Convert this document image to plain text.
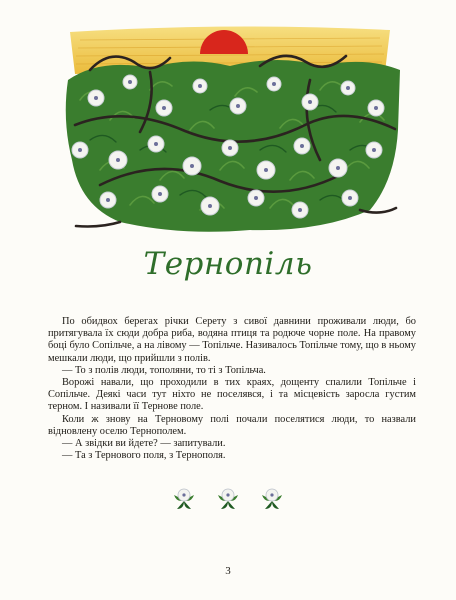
Тернопіль

По обидвох берегах річки Серету з сивої давнини проживали люди, бо притягувала їх сюди добра риба, водяна птиця та родюче чорне поле. На правому боці було Сопільче, а на лівому — Топільче. Називалось Топільче тому, що в ньому мешкали люди, що прийшли з полів.

— То з полів люди, тополяни, то ті з Топільча.

Ворожі навали, що проходили в тих краях, дощенту спалили Топільче і Сопільче. Деякі часи тут ніхто не поселявся, і та місцевість заросла густим терном. І називали її Тернове поле.

Коли ж знову на Терновому полі почали поселятися люди, то назвали відновлену оселю Тернополем.

— А звідки ви йдете? — запитували.

— Та з Тернового поля, з Тернополя.

3
